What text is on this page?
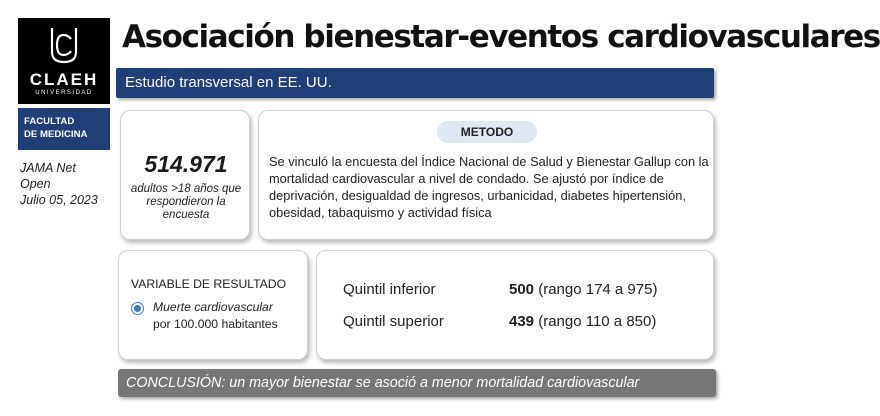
Asociación bienestar-eventos cardiovasculares
CLAEH
UNIVERSIDAD
FACULTAD
DE MEDICINA
JAMA Net
Open
Julio 05, 2023
Estudio transversal en EE. UU.
514.971
adultos >18 años que respondieron la encuesta
METODO
Se vinculó la encuesta del Índice Nacional de Salud y Bienestar Gallup con la mortalidad cardiovascular a nivel de condado. Se ajustó por índice de deprivación, desigualdad de ingresos, urbanicidad, diabetes hipertensión, obesidad, tabaquismo y actividad física
VARIABLE DE RESULTADO
Muerte cardiovascular
por 100.000 habitantes
Quintil inferior	500 (rango 174 a 975)
Quintil superior	439 (rango 110 a 850)
CONCLUSIÓN: un mayor bienestar se asoció a menor mortalidad cardiovascular
